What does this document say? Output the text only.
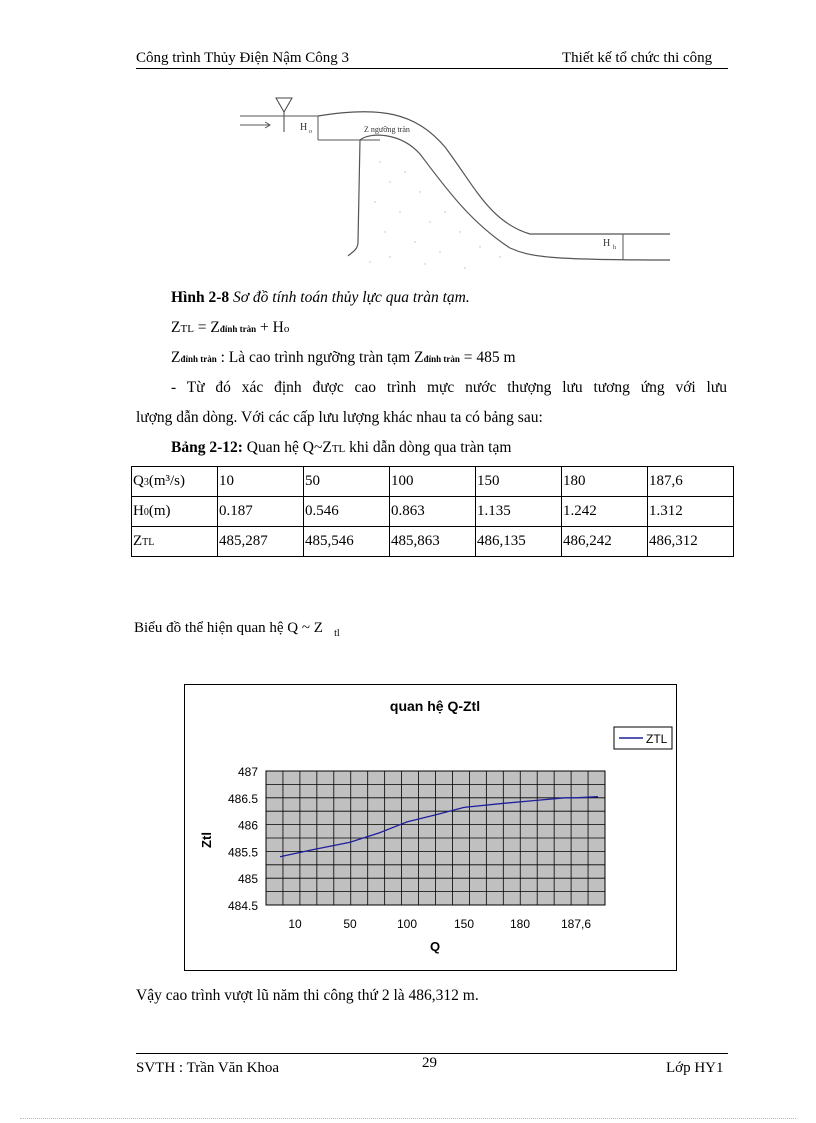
Công trình Thủy Điện Nậm Công 3	Thiết kế tổ chức thi công
H o	Z ngưỡng tràn
H h
Hình 2-8 Sơ đồ tính toán thủy lực qua tràn tạm.
ZTL = Zđỉnh tràn + Ho
Zđỉnh tràn : Là cao trình ngưỡng tràn tạm Zđỉnh tràn = 485 m
- Từ đó xác định được cao trình mực nước thượng lưu tương ứng với lưu
lượng dẫn dòng. Với các cấp lưu lượng khác nhau ta có bảng sau:
Bảng 2-12: Quan hệ Q~ZTL khi dẫn dòng qua tràn tạm
Q3(m³/s)	10	50	100	150	180	187,6
H0(m)	0.187	0.546	0.863	1.135	1.242	1.312
ZTL	485,287	485,546	485,863	486,135	486,242	486,312
Biểu đồ thể hiện quan hệ Q ~ Z $_{tl}$
484.5
485
485.5
486
486.5
487
10	50	100	150	180	187,6
quan hệ Q-Ztl
Ztl
Q
ZTL
Vậy cao trình vượt lũ năm thi công thứ 2 là 486,312 m.
SVTH : Trần Văn Khoa	29	Lớp HY1
